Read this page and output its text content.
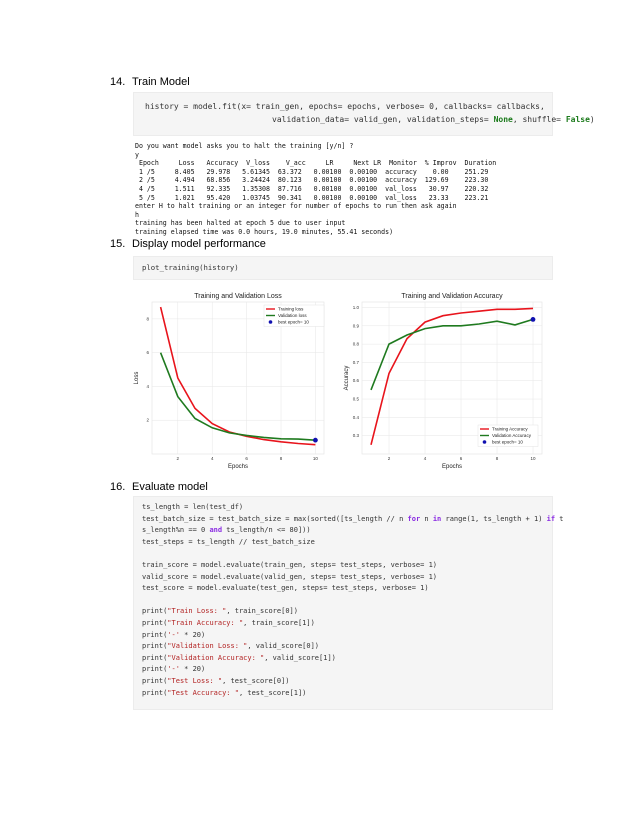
14. Train Model
history = model.fit(x= train_gen, epochs= epochs, verbose= 0, callbacks= callbacks,
validation_data= valid_gen, validation_steps= None, shuffle= False)
Do you want model asks you to halt the training [y/n] ?
y
Epoch     Loss   Accuracy  V_loss    V_acc     LR     Next LR  Monitor  % Improv  Duration
1 /5     8.405   29.978   5.61345  63.372   0.00100  0.00100  accuracy    0.00    251.29
2 /5     4.494   68.856   3.24424  80.123   0.00100  0.00100  accuracy  129.69    223.30
4 /5     1.511   92.335   1.35308  87.716   0.00100  0.00100  val_loss   30.97    220.32
5 /5     1.021   95.420   1.03745  90.341   0.00100  0.00100  val_loss   23.33    223.21
enter H to halt training or an integer for number of epochs to run then ask again
h
training has been halted at epoch 5 due to user input
training elapsed time was 0.0 hours, 19.0 minutes, 55.41 seconds)
15. Display model performance
plot_training(history)
Training and Validation Loss
2	4	6	8	10
2
4
6
8
Epochs
Loss
Training loss
Validation loss
best epoch= 10
Training and Validation Accuracy
2	4	6	8	10
0.3
0.4
0.5
0.6
0.7
0.8
0.9
1.0
Epochs
Accuracy
Training Accuracy
Validation Accuracy
best epoch= 10
16. Evaluate model
ts_length = len(test_df)
test_batch_size = test_batch_size = max(sorted([ts_length // n for n in range(1, ts_length + 1) if t
s_length%n == 0 and ts_length/n <= 80]))
test_steps = ts_length // test_batch_size
train_score = model.evaluate(train_gen, steps= test_steps, verbose= 1)
valid_score = model.evaluate(valid_gen, steps= test_steps, verbose= 1)
test_score = model.evaluate(test_gen, steps= test_steps, verbose= 1)
print("Train Loss: ", train_score[0])
print("Train Accuracy: ", train_score[1])
print('-' * 20)
print("Validation Loss: ", valid_score[0])
print("Validation Accuracy: ", valid_score[1])
print('-' * 20)
print("Test Loss: ", test_score[0])
print("Test Accuracy: ", test_score[1])
